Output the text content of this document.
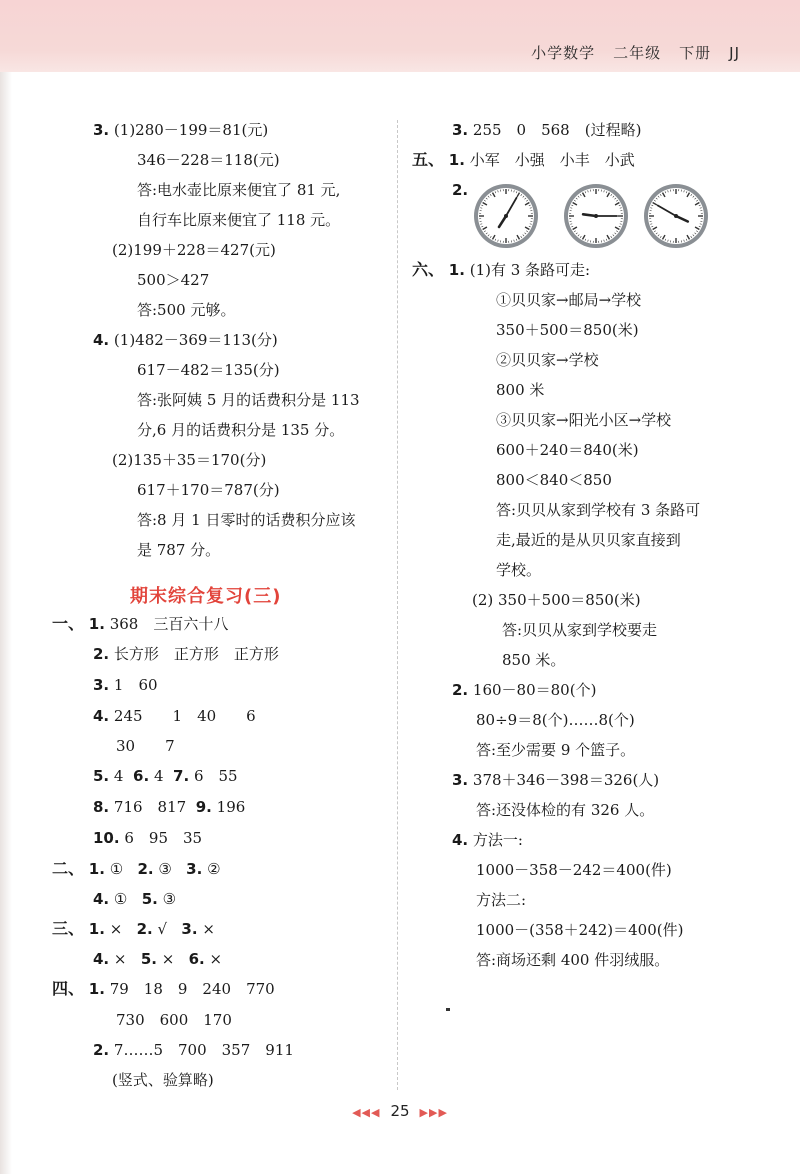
小学数学 二年级 下册 JJ
3. (1)280－199＝81(元)
346－228＝118(元)
答:电水壶比原来便宜了 81 元,
自行车比原来便宜了 118 元。
(2)199＋228＝427(元)
500＞427
答:500 元够。
4. (1)482－369＝113(分)
617－482＝135(分)
答:张阿姨 5 月的话费积分是 113
分,6 月的话费积分是 135 分。
(2)135＋35＝170(分)
617＋170＝787(分)
答:8 月 1 日零时的话费积分应该
是 787 分。
期末综合复习(三)
一、 1. 368　三百六十八
2. 长方形　正方形　正方形
3. 1　60
4. 245　　1　40　　6
30　　7
5. 4 6. 4 7. 6　55
8. 716　817 9. 196
10. 6　95　35
二、 1. ① 2. ③ 3. ②
4. ① 5. ③
三、 1. × 2. √ 3. ×
4. × 5. × 6. ×
四、 1. 79　18　9　240　770
730　600　170
2. 7……5　700　357　911
(竖式、验算略)
3. 255　0　568　(过程略)
五、 1. 小军　小强　小丰　小武
2.
六、 1. (1)有 3 条路可走:
①贝贝家→邮局→学校
350＋500＝850(米)
②贝贝家→学校
800 米
③贝贝家→阳光小区→学校
600＋240＝840(米)
800＜840＜850
答:贝贝从家到学校有 3 条路可
走,最近的是从贝贝家直接到
学校。
(2) 350＋500＝850(米)
答:贝贝从家到学校要走
850 米。
2. 160－80＝80(个)
80÷9＝8(个)……8(个)
答:至少需要 9 个篮子。
3. 378＋346－398＝326(人)
答:还没体检的有 326 人。
4. 方法一:
1000－358－242＝400(件)
方法二:
1000－(358＋242)＝400(件)
答:商场还剩 400 件羽绒服。
◀◀◀ 25 ▶▶▶
